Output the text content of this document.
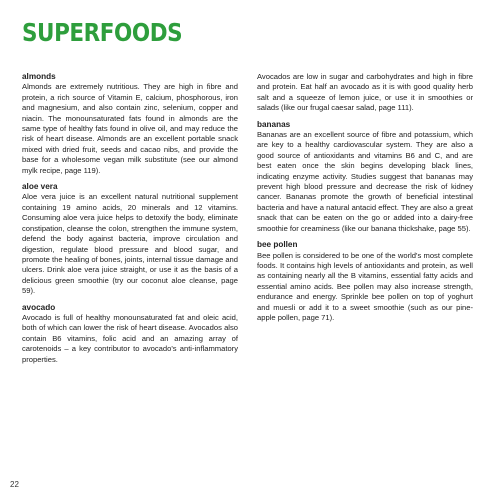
SUPERFOODS

almonds

Almonds are extremely nutritious. They are high in fibre and protein, a rich source of Vitamin E, calcium, phosphorous, iron and magnesium, and also contain zinc, selenium, copper and niacin. The monounsaturated fats found in almonds are the same type of healthy fats found in olive oil, and may reduce the risk of heart disease. Almonds are an excellent portable snack mixed with dried fruit, seeds and cacao nibs, and provide the base for a wholesome vegan milk substitute (see our almond mylk recipe, page 119).

aloe vera

Aloe vera juice is an excellent natural nutritional supplement containing 19 amino acids, 20 minerals and 12 vitamins. Consuming aloe vera juice helps to detoxify the body, eliminate constipation, cleanse the colon, strengthen the immune system, defend the body against bacteria, improve circulation and digestion, regulate blood pressure and blood sugar, and promote the healing of bones, joints, internal tissue damage and ulcers. Drink aloe vera juice straight, or use it as the basis of a delicious green smoothie (try our coconut aloe cleanse, page 59).

avocado

Avocado is full of healthy monounsaturated fat and oleic acid, both of which can lower the risk of heart disease. Avocados also contain B6 vitamins, folic acid and an amazing array of carotenoids – a key contributor to avocado's anti-inflammatory properties.

Avocados are low in sugar and carbohydrates and high in fibre and protein. Eat half an avocado as it is with good quality herb salt and a squeeze of lemon juice, or use it in smoothies or salads (like our frugal caesar salad, page 111).

bananas

Bananas are an excellent source of fibre and potassium, which are key to a healthy cardiovascular system. They are also a good source of antioxidants and vitamins B6 and C, and are best eaten once the skin begins developing black lines, indicating enzyme activity. Studies suggest that bananas may prevent high blood pressure and decrease the risk of kidney cancer. Bananas promote the growth of beneficial intestinal bacteria and have a natural antacid effect. They are also a great snack that can be eaten on the go or added into a dairy-free smoothie for creaminess (like our banana thickshake, page 55).

bee pollen

Bee pollen is considered to be one of the world's most complete foods. It contains high levels of antioxidants and protein, as well as containing nearly all the B vitamins, essential fatty acids and essential amino acids. Bee pollen may also increase strength, endurance and energy. Sprinkle bee pollen on top of yoghurt and muesli or add it to a sweet smoothie (such as our pine-apple pollen, page 71).

22
